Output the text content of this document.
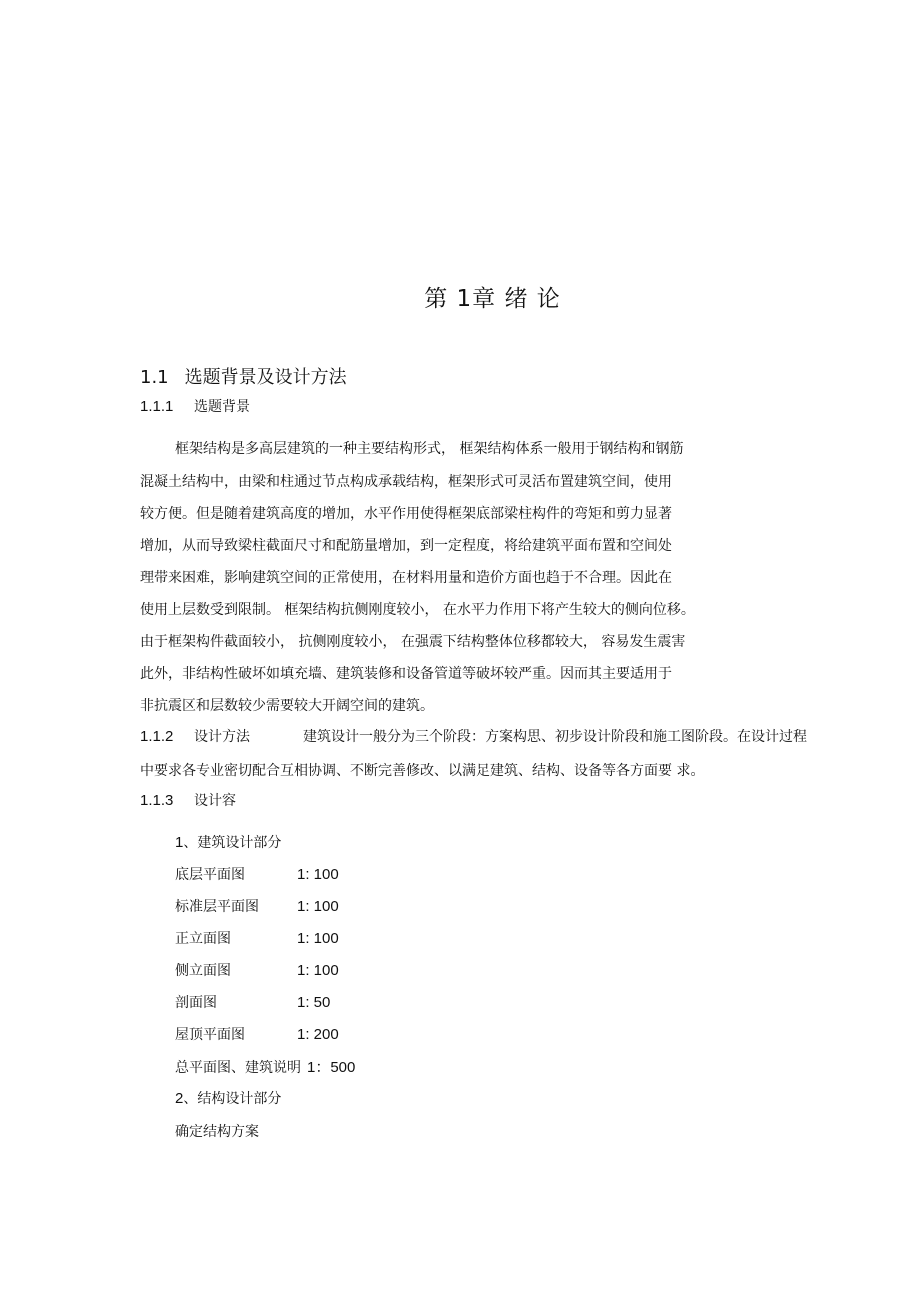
第 1章 绪 论
1.1 选题背景及设计方法
1.1.1 选题背景
框架结构是多高层建筑的一种主要结构形式， 框架结构体系一般用于钢结构和钢筋
混凝土结构中，由梁和柱通过节点构成承载结构，框架形式可灵活布置建筑空间，使用
较方便。但是随着建筑高度的增加，水平作用使得框架底部梁柱构件的弯矩和剪力显著
增加，从而导致梁柱截面尺寸和配筋量增加，到一定程度，将给建筑平面布置和空间处
理带来困难，影响建筑空间的正常使用，在材料用量和造价方面也趋于不合理。因此在
使用上层数受到限制。 框架结构抗侧刚度较小， 在水平力作用下将产生较大的侧向位移。
由于框架构件截面较小， 抗侧刚度较小， 在强震下结构整体位移都较大， 容易发生震害
此外，非结构性破坏如填充墙、建筑装修和设备管道等破坏较严重。因而其主要适用于
非抗震区和层数较少需要较大开阔空间的建筑。
1.1.2 设计方法	建筑设计一般分为三个阶段：方案构思、初步设计阶段和施工图阶段。在设计过程
中要求各专业密切配合互相协调、不断完善修改、以满足建筑、结构、设备等各方面要 求。
1.1.3 设计容
1、建筑设计部分
底层平面图	1: 100
标准层平面图	1: 100
正立面图	1: 100
侧立面图	1: 100
剖面图	1: 50
屋顶平面图	1: 200
总平面图、建筑说明 1：500
2、结构设计部分
确定结构方案
